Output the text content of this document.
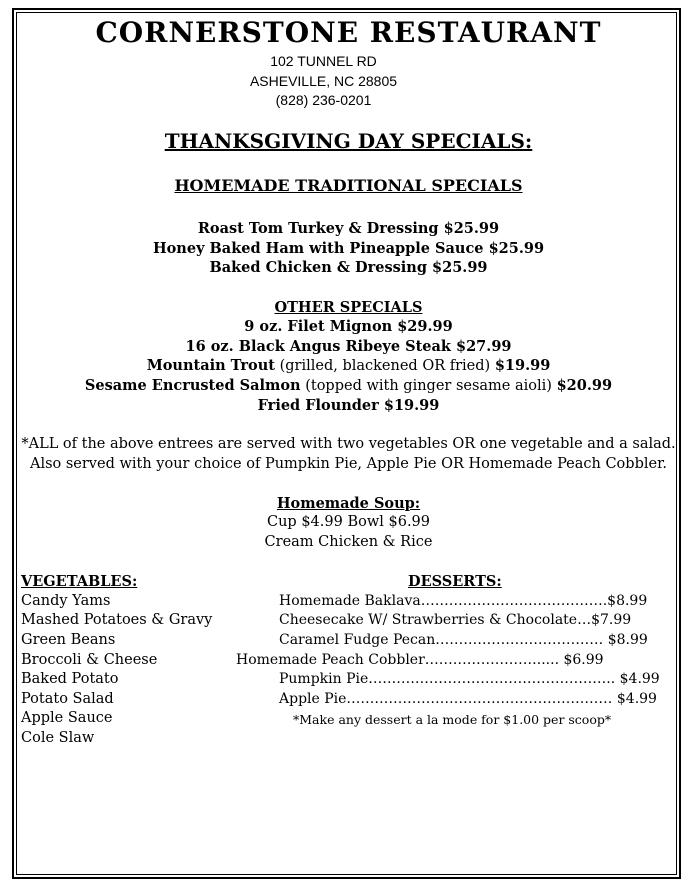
CORNERSTONE RESTAURANT
102 TUNNEL RD
ASHEVILLE, NC 28805
(828) 236-0201
THANKSGIVING DAY SPECIALS:
HOMEMADE TRADITIONAL SPECIALS
Roast Tom Turkey & Dressing $25.99
Honey Baked Ham with Pineapple Sauce $25.99
Baked Chicken & Dressing $25.99
OTHER SPECIALS
9 oz. Filet Mignon $29.99
16 oz. Black Angus Ribeye Steak $27.99
Mountain Trout (grilled, blackened OR fried) $19.99
Sesame Encrusted Salmon (topped with ginger sesame aioli) $20.99
Fried Flounder $19.99
*ALL of the above entrees are served with two vegetables OR one vegetable and a salad.
Also served with your choice of Pumpkin Pie, Apple Pie OR Homemade Peach Cobbler.
Homemade Soup:
Cup $4.99 Bowl $6.99
Cream Chicken & Rice
VEGETABLES:
Candy Yams
Mashed Potatoes & Gravy
Green Beans
Broccoli & Cheese
Baked Potato
Potato Salad
Apple Sauce
Cole Slaw
DESSERTS:
Homemade Baklava………………………………….$8.99
Cheesecake W/ Strawberries & Chocolate…$7.99
Caramel Fudge Pecan……………………………… $8.99
Homemade Peach Cobbler……………………..... $6.99
Pumpkin Pie…………………………………………….. $4.99
Apple Pie………………………………………………… $4.99
*Make any dessert a la mode for $1.00 per scoop*
